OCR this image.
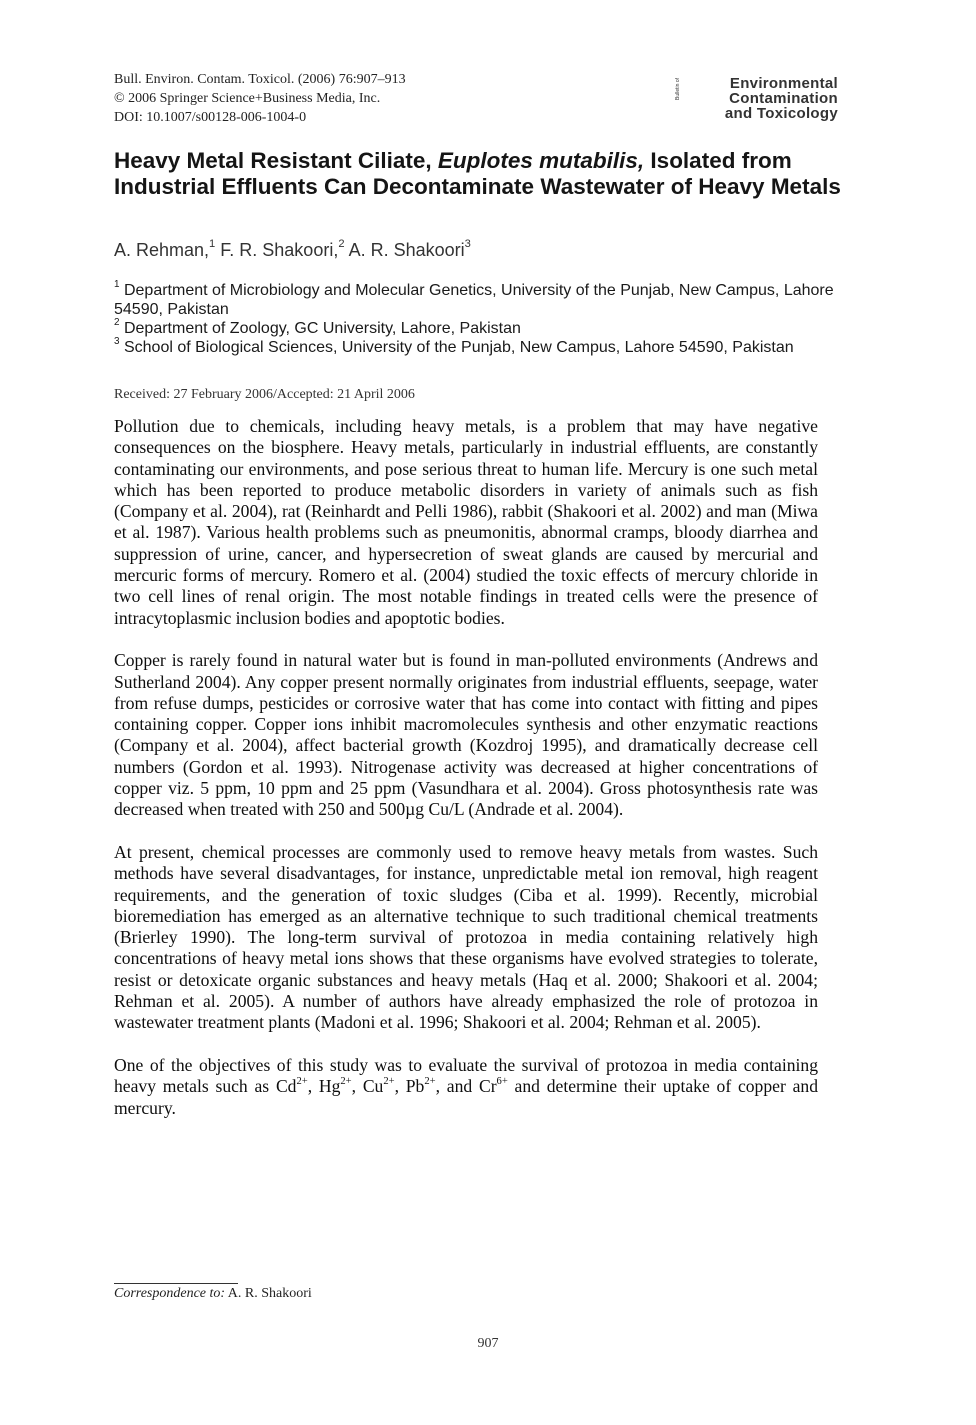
Bull. Environ. Contam. Toxicol. (2006) 76:907–913
© 2006 Springer Science+Business Media, Inc.
DOI: 10.1007/s00128-006-1004-0
Bulletin of	Environmental
Contamination
and Toxicology
Heavy Metal Resistant Ciliate, Euplotes mutabilis, Isolated from Industrial Effluents Can Decontaminate Wastewater of Heavy Metals
A. Rehman,$^1$ F. R. Shakoori,$^2$ A. R. Shakoori$^3$
$^1$ Department of Microbiology and Molecular Genetics, University of the Punjab, New Campus, Lahore 54590, Pakistan
$^2$ Department of Zoology, GC University, Lahore, Pakistan
$^3$ School of Biological Sciences, University of the Punjab, New Campus, Lahore 54590, Pakistan
Received: 27 February 2006/Accepted: 21 April 2006

Pollution due to chemicals, including heavy metals, is a problem that may have negative consequences on the biosphere. Heavy metals, particularly in industrial effluents, are constantly contaminating our environments, and pose serious threat to human life. Mercury is one such metal which has been reported to produce metabolic disorders in variety of animals such as fish (Company et al. 2004), rat (Reinhardt and Pelli 1986), rabbit (Shakoori et al. 2002) and man (Miwa et al. 1987). Various health problems such as pneumonitis, abnormal cramps, bloody diarrhea and suppression of urine, cancer, and hypersecretion of sweat glands are caused by mercurial and mercuric forms of mercury. Romero et al. (2004) studied the toxic effects of mercury chloride in two cell lines of renal origin. The most notable findings in treated cells were the presence of intracytoplasmic inclusion bodies and apoptotic bodies.

Copper is rarely found in natural water but is found in man-polluted environments (Andrews and Sutherland 2004). Any copper present normally originates from industrial effluents, seepage, water from refuse dumps, pesticides or corrosive water that has come into contact with fitting and pipes containing copper. Copper ions inhibit macromolecules synthesis and other enzymatic reactions (Company et al. 2004), affect bacterial growth (Kozdroj 1995), and dramatically decrease cell numbers (Gordon et al. 1993). Nitrogenase activity was decreased at higher concentrations of copper viz. 5 ppm, 10 ppm and 25 ppm (Vasundhara et al. 2004). Gross photosynthesis rate was decreased when treated with 250 and 500µg Cu/L (Andrade et al. 2004).

At present, chemical processes are commonly used to remove heavy metals from wastes. Such methods have several disadvantages, for instance, unpredictable metal ion removal, high reagent requirements, and the generation of toxic sludges (Ciba et al. 1999). Recently, microbial bioremediation has emerged as an alternative technique to such traditional chemical treatments (Brierley 1990). The long-term survival of protozoa in media containing relatively high concentrations of heavy metal ions shows that these organisms have evolved strategies to tolerate, resist or detoxicate organic substances and heavy metals (Haq et al. 2000; Shakoori et al. 2004; Rehman et al. 2005). A number of authors have already emphasized the role of protozoa in wastewater treatment plants (Madoni et al. 1996; Shakoori et al. 2004; Rehman et al. 2005).

One of the objectives of this study was to evaluate the survival of protozoa in media containing heavy metals such as $Cd^{2+}$, $Hg^{2+}$, $Cu^{2+}$, $Pb^{2+}$, and $Cr^{6+}$ and determine their uptake of copper and mercury.

Correspondence to: A. R. Shakoori
907
